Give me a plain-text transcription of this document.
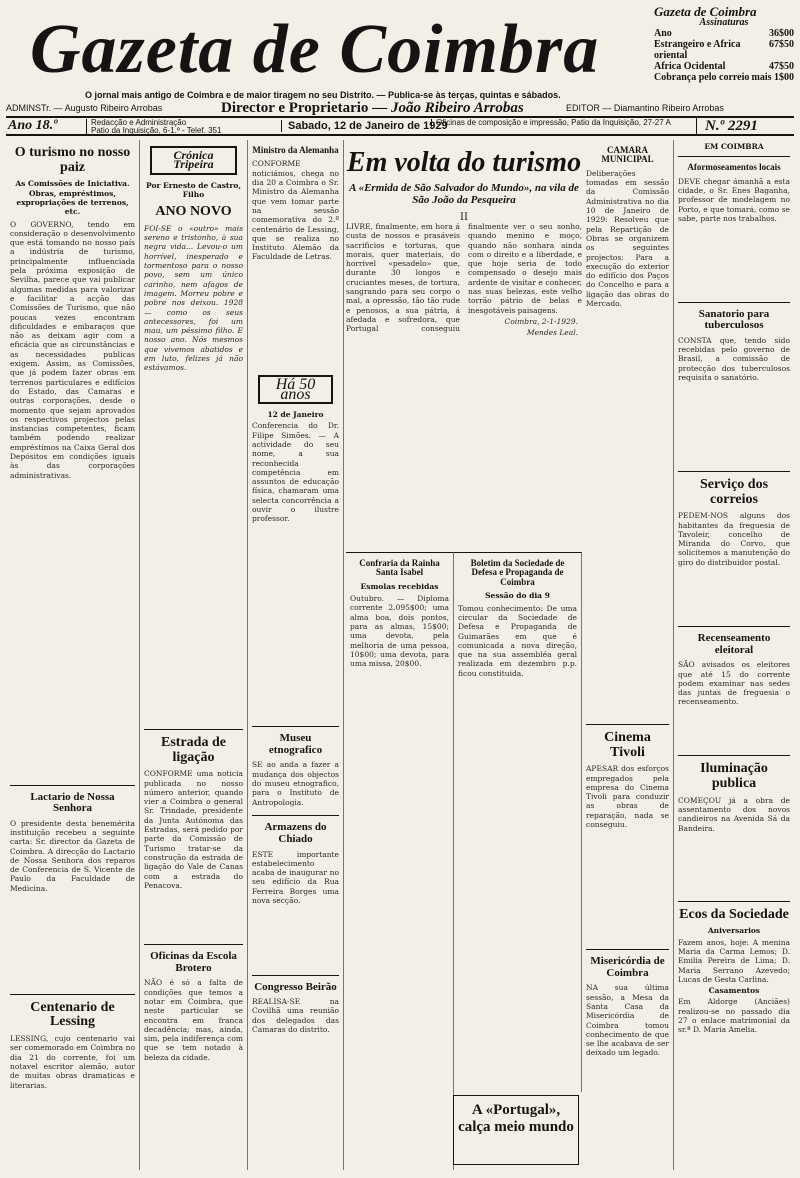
Gazeta de Coimbra
O jornal mais antigo de Coimbra e de maior tiragem no seu Distrito. — Publica-se às terças, quintas e sábados.
Gazeta de Coimbra
Assinaturas
Ano	36$00
Estrangeiro e Africa oriental
67$50
Africa Ocidental	47$50
Cobrança pelo correio mais 1$00
ADMINSTr. — Augusto Ribeiro Arrobas	Director e Proprietario — João Ribeiro Arrobas	EDITOR — Diamantino Ribeiro Arrobas
Ano 18.º	Redacção e Administração
Patio da Inquisição, 6-1.º - Telef. 351	Sabado, 12 de Janeiro de 1929
Oficinas de composição e impressão, Patio da Inquisição, 27-27 A	N.º 2291
O turismo no nosso paiz
As Comissões de Iniciativa. Obras, empréstimos, expropriações de terrenos, etc.
O GOVERNO, tendo em consideração o desenvolvimento que está tomando no nosso país a indústria de turismo, principalmente influenciada pela próxima exposição de Sevilha, parece que vai publicar algumas medidas para valorizar e facilitar a acção das Comissões de Turismo, que não poucas vezes encontram dificuldades e embaraços que não as deixam agir com a eficácia que as circunstâncias e as necessidades publicas exigem. Assim, as Comissões, que já podem fazer obras em terrenos particulares e edifícios do Estado, das Camaras e outras corporações, desde o momento que sejam aprovados os respectivos projectos pelas instancias competentes, ficam também podendo realizar empréstimos na Caixa Geral dos Depósitos em condições iguais às das corporações administrativas.
Lactario de Nossa Senhora
O presidente desta benemérita instituição recebeu a seguinte carta: Sr. director da Gazeta de Coimbra. A direcção do Lactario de Nossa Senhora dos reparos de Conferencia de S. Vicente de Paulo da Faculdade de Medicina.
Centenario de Lessing
LESSING, cujo centenario vai ser comemorado em Coimbra no dia 21 do corrente, foi um notavel escritor alemão, autor de muitas obras dramaticas e literarias.
Crónica Tripeira
Por Ernesto de Castro, Filho
ANO NOVO
FOI-SE o «outro» mais sereno e tristonho, à sua negra vida... Levou-o um horrível, inesperado e tormentoso para o nosso povo, sem um único carinho, nem afagos de imagem. Morreu pobre e pobre nos deixou. 1928 — como os seus antecessores, foi um mau, um péssimo filho. E nosso ano. Nós mesmos que vivemos abatidos e em luto, felizes já não estávamos.
Estrada de ligação
CONFORME uma noticia publicada no nosso número anterior, quando vier a Coimbra o general Sr. Trindade, presidente da Junta Autónoma das Estradas, será pedido por parte da Comissão de Turismo tratar-se da construção da estrada de ligação do Vale de Canas com a estrada do Penacova.
Oficinas da Escola Brotero
NÃO é só a falta de condições que temos a notar em Coimbra, que neste particular se encontra em franca decadência; mas, ainda, sim, pela indiferença com que se tem notado à beleza da cidade.
Ministro da Alemanha
CONFORME noticiámos, chega no dia 20 a Coimbra o Sr. Ministro da Alemanha que vem tomar parte na sessão comemorativa do 2.º centenário de Lessing, que se realiza no Instituto Alemão da Faculdade de Letras.
Há 50 anos
12 de Janeiro
Conferencia do Dr. Filipe Simões. — A actividade do seu nome, a sua reconhecida competência em assuntos de educação física, chamaram uma selecta concorrência a ouvir o ilustre professor.
Museu etnografico
SE ao anda a fazer a mudança dos objectos do museu etnografico, para o Instituto de Antropologia.
Armazens do Chiado
ESTE importante estabelecimento acaba de inaugurar no seu edifício da Rua Ferreira Borges uma nova secção.
Congresso Beirão
REALISA-SE na Covilhã uma reunião dos delegados das Camaras do distrito.
Em volta do turismo
A «Ermida de São Salvador do Mundo», na vila de São João da Pesqueira
II
LIVRE, finalmente, em hora á custa de nossos e prasáveis sacrificios e torturas, que morais, quer materiais, do horrivel «pesadelo» que, durante 30 longos e cruciantes meses, de tortura, sangrando para seu corpo o mal, a opressão, tão tão rude e penosos, a sua pátria, á afedada e sofredora, que Portugal conseguiu finalmente ver o seu sonho, quando menino e moço, quando não sonhara ainda com o direito e a liberdade, e que hoje seria de todo compensado o desejo mais ardente de visitar e conhecer, nas suas belezas, este velho torrão pátrio de belas e inesgotáveis paisagens.
Coimbra, 2-1-1929.
Mendes Leal.
Confraria da Rainha Santa Isabel
Esmolas recebidas
Outubro. — Diploma corrente 2.095$00; uma alma boa, dois pontos, para as almas, 15$00; uma devota, pela melhoria de uma pessoa, 10$00; uma devota, para uma missa, 20$00.
Boletim da Sociedade de Defesa e Propaganda de Coimbra
Sessão do dia 9
Tomou conhecimento: De uma circular da Sociedade de Defesa e Propaganda de Guimarães em que é comunicada a nova direção, que na sua assembléa geral realizada em dezembro p.p. ficou constituida.
A «Portugal», calça meio mundo
CAMARA MUNICIPAL
Deliberações tomadas em sessão da Comissão Administrativa no dia 10 de Janeiro de 1929: Resolveu que pela Repartição de Obras se organizem os seguintes projectos: Para a execução do exterior do edifício dos Paços do Concelho e para a ligação das obras do Mercado.
Cinema Tivoli
APESAR dos esforços empregados pela empresa do Cinema Tivoli para conduzir as obras de reparação, nada se conseguiu.
Misericórdia de Coimbra
NA sua última sessão, a Mesa da Santa Casa da Misericórdia de Coimbra tomou conhecimento de que se lhe acabava de ser deixado um legado.
EM COIMBRA
Aformoseamentos locais
DEVE chegar ámanhã a esta cidade, o Sr. Enes Baganha, professor de modelagem no Porto, e que tomará, como se sabe, parte nos trabalhos.
Sanatorio para tuberculosos
CONSTA que, tendo sido recebidas pelo governo de Brasil, a comissão de protecção dos tuberculosos requisita o sanatório.
Serviço dos correios
PEDEM-NOS alguns dos habitantes da freguesia de Tavoleir, concelho de Miranda do Corvo, que solicitemos a manutenção do giro do distribuidor postal.
Recenseamento eleitoral
SÃO avisados os eleitores que até 15 do corrente podem examinar nas sedes das juntas de freguesia o recenseamento.
Iluminação publica
COMEÇOU já a obra de assentamento dos novos candieiros na Avenida Sá da Bandeira.
Ecos da Sociedade
Aniversarios
Fazem anos, hoje: A menina Maria da Carma Lemos; D. Emilia Pereira de Lima; D. Maria Serrano Azevedo; Lucas de Gesta Carlina.
Casamentos
Em Aldorge (Anciães) realizou-se no passado dia 27 o enlace matrimonial da sr.ª D. Maria Amelia.
